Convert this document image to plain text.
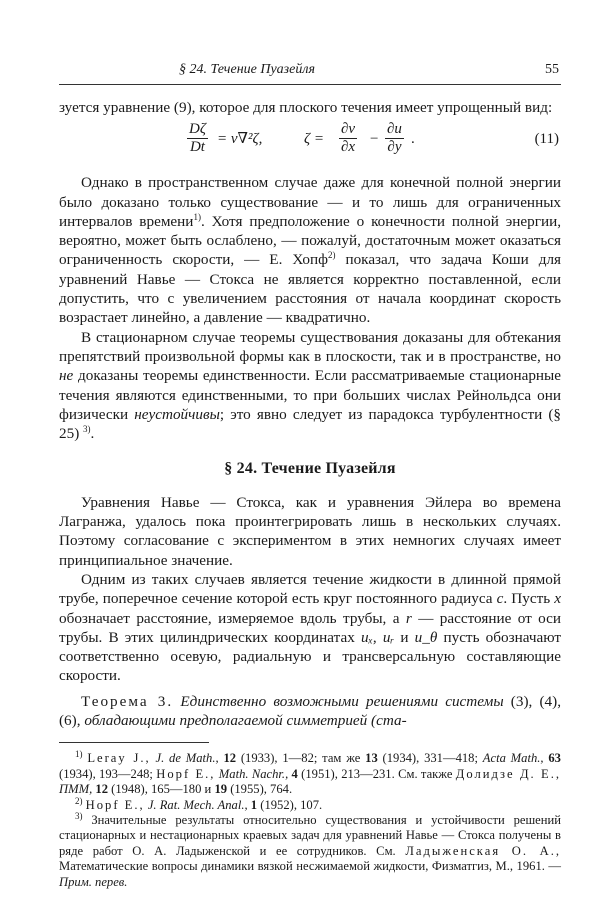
§ 24. Течение Пуазейля	55

зуется уравнение (9), которое для плоского течения имеет упрощенный вид:

$\frac{D\zeta}{Dt} = \nu\nabla^2\zeta$,	$\zeta = \frac{\partial v}{\partial x} - \frac{\partial u}{\partial y}$ .	(11)

Однако в пространственном случае даже для конечной полной энергии было доказано только существование — и то лишь для ограниченных интервалов времени$^{1)}$. Хотя предположение о конечности полной энергии, вероятно, может быть ослаблено, — пожалуй, достаточным может оказаться ограниченность скорости, — Е. Хопф$^{2)}$ показал, что задача Коши для уравнений Навье — Стокса не является корректно поставленной, если допустить, что с увеличением расстояния от начала координат скорость возрастает линейно, а давление — квадратично.

В стационарном случае теоремы существования доказаны для обтекания препятствий произвольной формы как в плоскости, так и в пространстве, но не доказаны теоремы единственности. Если рассматриваемые стационарные течения являются единственными, то при больших числах Рейнольдса они физически неустойчивы; это явно следует из парадокса турбулентности (§ 25) $^{3)}$.

§ 24. Течение Пуазейля

Уравнения Навье — Стокса, как и уравнения Эйлера во времена Лагранжа, удалось пока проинтегрировать лишь в нескольких случаях. Поэтому согласование с экспериментом в этих немногих случаях имеет принципиальное значение.

Одним из таких случаев является течение жидкости в длинной прямой трубе, поперечное сечение которой есть круг постоянного радиуса c. Пусть x обозначает расстояние, измеряемое вдоль трубы, а r — расстояние от оси трубы. В этих цилиндрических координатах uₓ, uᵣ и u_θ пусть обозначают соответственно осевую, радиальную и трансверсальную составляющие скорости.

Теорема 3. Единственно возможными решениями системы (3), (4), (6), обладающими предполагаемой симметрией (ста-

$^{1)}$ Leray J., J. de Math., 12 (1933), 1—82; там же 13 (1934), 331—418; Acta Math., 63 (1934), 193—248; Hopf E., Math. Nachr., 4 (1951), 213—231. См. также Долидзе Д. Е., ПММ, 12 (1948), 165—180 и 19 (1955), 764.

$^{2)}$ Hopf E., J. Rat. Mech. Anal., 1 (1952), 107.

$^{3)}$ Значительные результаты относительно существования и устойчивости решений стационарных и нестационарных краевых задач для уравнений Навье — Стокса получены в ряде работ О. А. Ладыженской и ее сотрудников. См. Ладыженская О. А., Математические вопросы динамики вязкой несжимаемой жидкости, Физматгиз, М., 1961. — Прим. перев.
